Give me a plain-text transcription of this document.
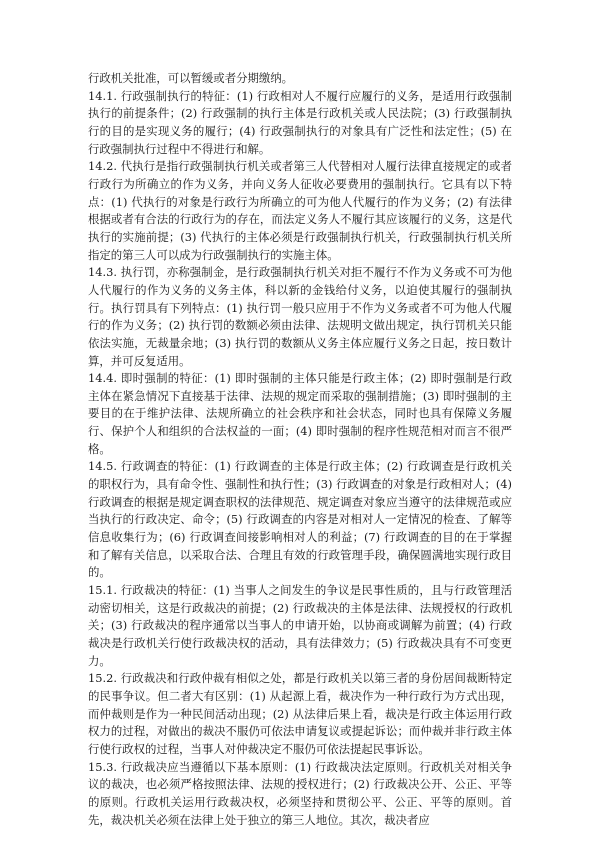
行政机关批准，可以暂缓或者分期缴纳。

14.1. 行政强制执行的特征：(1) 行政相对人不履行应履行的义务，是适用行政强制执行的前提条件；(2) 行政强制的执行主体是行政机关或人民法院；(3) 行政强制执行的目的是实现义务的履行；(4) 行政强制执行的对象具有广泛性和法定性；(5) 在行政强制执行过程中不得进行和解。

14.2. 代执行是指行政强制执行机关或者第三人代替相对人履行法律直接规定的或者行政行为所确立的作为义务，并向义务人征收必要费用的强制执行。它具有以下特点：(1) 代执行的对象是行政行为所确立的可为他人代履行的作为义务；(2) 有法律根据或者有合法的行政行为的存在，而法定义务人不履行其应该履行的义务，这是代执行的实施前提；(3) 代执行的主体必须是行政强制执行机关，行政强制执行机关所指定的第三人可以成为行政强制执行的实施主体。

14.3. 执行罚，亦称强制金，是行政强制执行机关对拒不履行不作为义务或不可为他人代履行的作为义务的义务主体，科以新的金钱给付义务，以迫使其履行的强制执行。执行罚具有下列特点：(1) 执行罚一般只应用于不作为义务或者不可为他人代履行的作为义务；(2) 执行罚的数额必须由法律、法规明文做出规定，执行罚机关只能依法实施，无裁量余地；(3) 执行罚的数额从义务主体应履行义务之日起，按日数计算，并可反复适用。

14.4. 即时强制的特征：(1) 即时强制的主体只能是行政主体；(2) 即时强制是行政主体在紧急情况下直接基于法律、法规的规定而采取的强制措施；(3) 即时强制的主要目的在于维护法律、法规所确立的社会秩序和社会状态，同时也具有保障义务履行、保护个人和组织的合法权益的一面；(4) 即时强制的程序性规范相对而言不很严格。

14.5. 行政调查的特征：(1) 行政调查的主体是行政主体；(2) 行政调查是行政机关的职权行为，具有命令性、强制性和执行性；(3) 行政调查的对象是行政相对人；(4) 行政调查的根据是规定调查职权的法律规范、规定调查对象应当遵守的法律规范或应当执行的行政决定、命令；(5) 行政调查的内容是对相对人一定情况的检查、了解等信息收集行为；(6) 行政调查间接影响相对人的利益；(7) 行政调查的目的在于掌握和了解有关信息，以采取合法、合理且有效的行政管理手段，确保圆满地实现行政目的。

15.1. 行政裁决的特征：(1) 当事人之间发生的争议是民事性质的，且与行政管理活动密切相关，这是行政裁决的前提；(2) 行政裁决的主体是法律、法规授权的行政机关；(3) 行政裁决的程序通常以当事人的申请开始，以协商或调解为前置；(4) 行政裁决是行政机关行使行政裁决权的活动，具有法律效力；(5) 行政裁决具有不可变更力。

15.2. 行政裁决和行政仲裁有相似之处，都是行政机关以第三者的身份居间裁断特定的民事争议。但二者大有区别：(1) 从起源上看，裁决作为一种行政行为方式出现，而仲裁则是作为一种民间活动出现；(2) 从法律后果上看，裁决是行政主体运用行政权力的过程，对做出的裁决不服仍可依法申请复议或提起诉讼；而仲裁并非行政主体行使行政权的过程，当事人对仲裁决定不服仍可依法提起民事诉讼。

15.3. 行政裁决应当遵循以下基本原则：(1) 行政裁决法定原则。行政机关对相关争议的裁决，也必须严格按照法律、法规的授权进行；(2) 行政裁决公开、公正、平等的原则。行政机关运用行政裁决权，必须坚持和贯彻公平、公正、平等的原则。首先，裁决机关必须在法律上处于独立的第三人地位。其次，裁决者应
